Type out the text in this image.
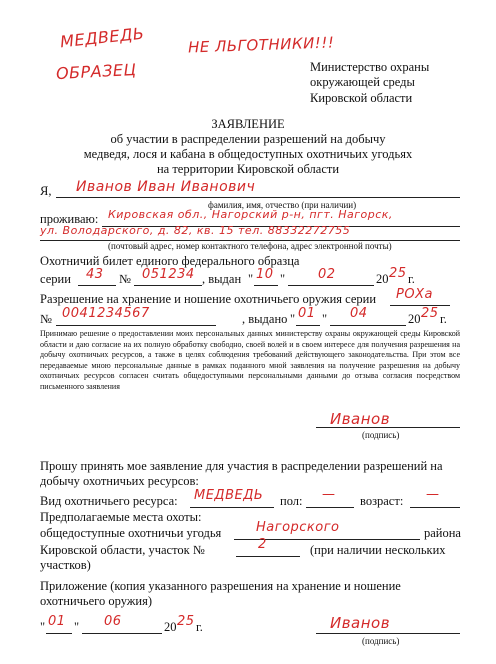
МЕДВЕДЬ
ОБРАЗЕЦ
НЕ ЛЬГОТНИКИ!!!
Министерство охраны
окружающей среды
Кировской области
ЗАЯВЛЕНИЕ
об участии в распределении разрешений на добычу
медведя, лося и кабана в общедоступных охотничьих угодьях
на территории Кировской области
Я, Иванов Иван Иванович
фамилия, имя, отчество (при наличии)
проживаю: Кировская обл., Нагорский р-н, пгт. Нагорск,
ул. Володарского, д. 82, кв. 15 тел. 88332272755
(почтовый адрес, номер контактного телефона, адрес электронной почты)
Охотничий билет единого федерального образца
серии 43 № 051234 , выдан " 10 "	02	20 25 г.
Разрешение на хранение и ношение охотничьего оружия серии РОХа
№ 0041234567	, выдано " 01 " 04	20 25 г.
Принимаю решение о предоставлении моих персональных данных министерству охраны окружающей среды Кировской области и даю согласие на их полную обработку свободно, своей волей и в своем интересе для получения разрешения на добычу охотничьих ресурсов, а также в целях соблюдения требований действующего законодательства. При этом все передаваемые мною персональные данные в рамках поданного мной заявления на получение разрешения на добычу охотничьих ресурсов согласен считать общедоступными персональными данными до отзыва согласия посредством письменного заявления
Иванов
(подпись)
Прошу принять мое заявление для участия в распределении разрешений на
добычу охотничьих ресурсов:
Вид охотничьего ресурса: МЕДВЕДЬ пол: — возраст: —
Предполагаемые места охоты:
общедоступные охотничьи угодья	Нагорского	района
Кировской области, участок №	2	(при наличии нескольких
участков)
Приложение (копия указанного разрешения на хранение и ношение
охотничьего оружия)
" 01 " 06	20 25 г.	Иванов
(подпись)
